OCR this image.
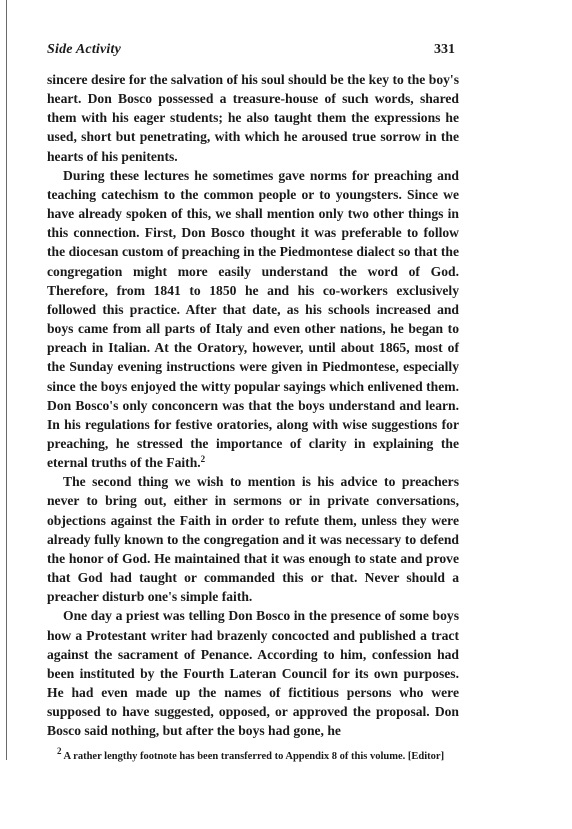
Side Activity	331

sincere desire for the salvation of his soul should be the key to the boy's heart. Don Bosco possessed a treasure-house of such words, shared them with his eager students; he also taught them the expressions he used, short but penetrating, with which he aroused true sorrow in the hearts of his penitents.

During these lectures he sometimes gave norms for preaching and teaching catechism to the common people or to youngsters. Since we have already spoken of this, we shall mention only two other things in this connection. First, Don Bosco thought it was preferable to follow the diocesan custom of preaching in the Piedmontese dialect so that the congregation might more easily understand the word of God. Therefore, from 1841 to 1850 he and his co-workers exclusively followed this practice. After that date, as his schools increased and boys came from all parts of Italy and even other nations, he began to preach in Italian. At the Oratory, however, until about 1865, most of the Sunday evening instructions were given in Piedmontese, especially since the boys enjoyed the witty popular sayings which enlivened them. Don Bosco's only conconcern was that the boys understand and learn. In his regulations for festive oratories, along with wise suggestions for preaching, he stressed the importance of clarity in explaining the eternal truths of the Faith.$^2$

The second thing we wish to mention is his advice to preachers never to bring out, either in sermons or in private conversations, objections against the Faith in order to refute them, unless they were already fully known to the congregation and it was necessary to defend the honor of God. He maintained that it was enough to state and prove that God had taught or commanded this or that. Never should a preacher disturb one's simple faith.

One day a priest was telling Don Bosco in the presence of some boys how a Protestant writer had brazenly concocted and published a tract against the sacrament of Penance. According to him, confession had been instituted by the Fourth Lateran Council for its own purposes. He had even made up the names of fictitious persons who were supposed to have suggested, opposed, or approved the proposal. Don Bosco said nothing, but after the boys had gone, he

$^2$ A rather lengthy footnote has been transferred to Appendix 8 of this volume. [Editor]
